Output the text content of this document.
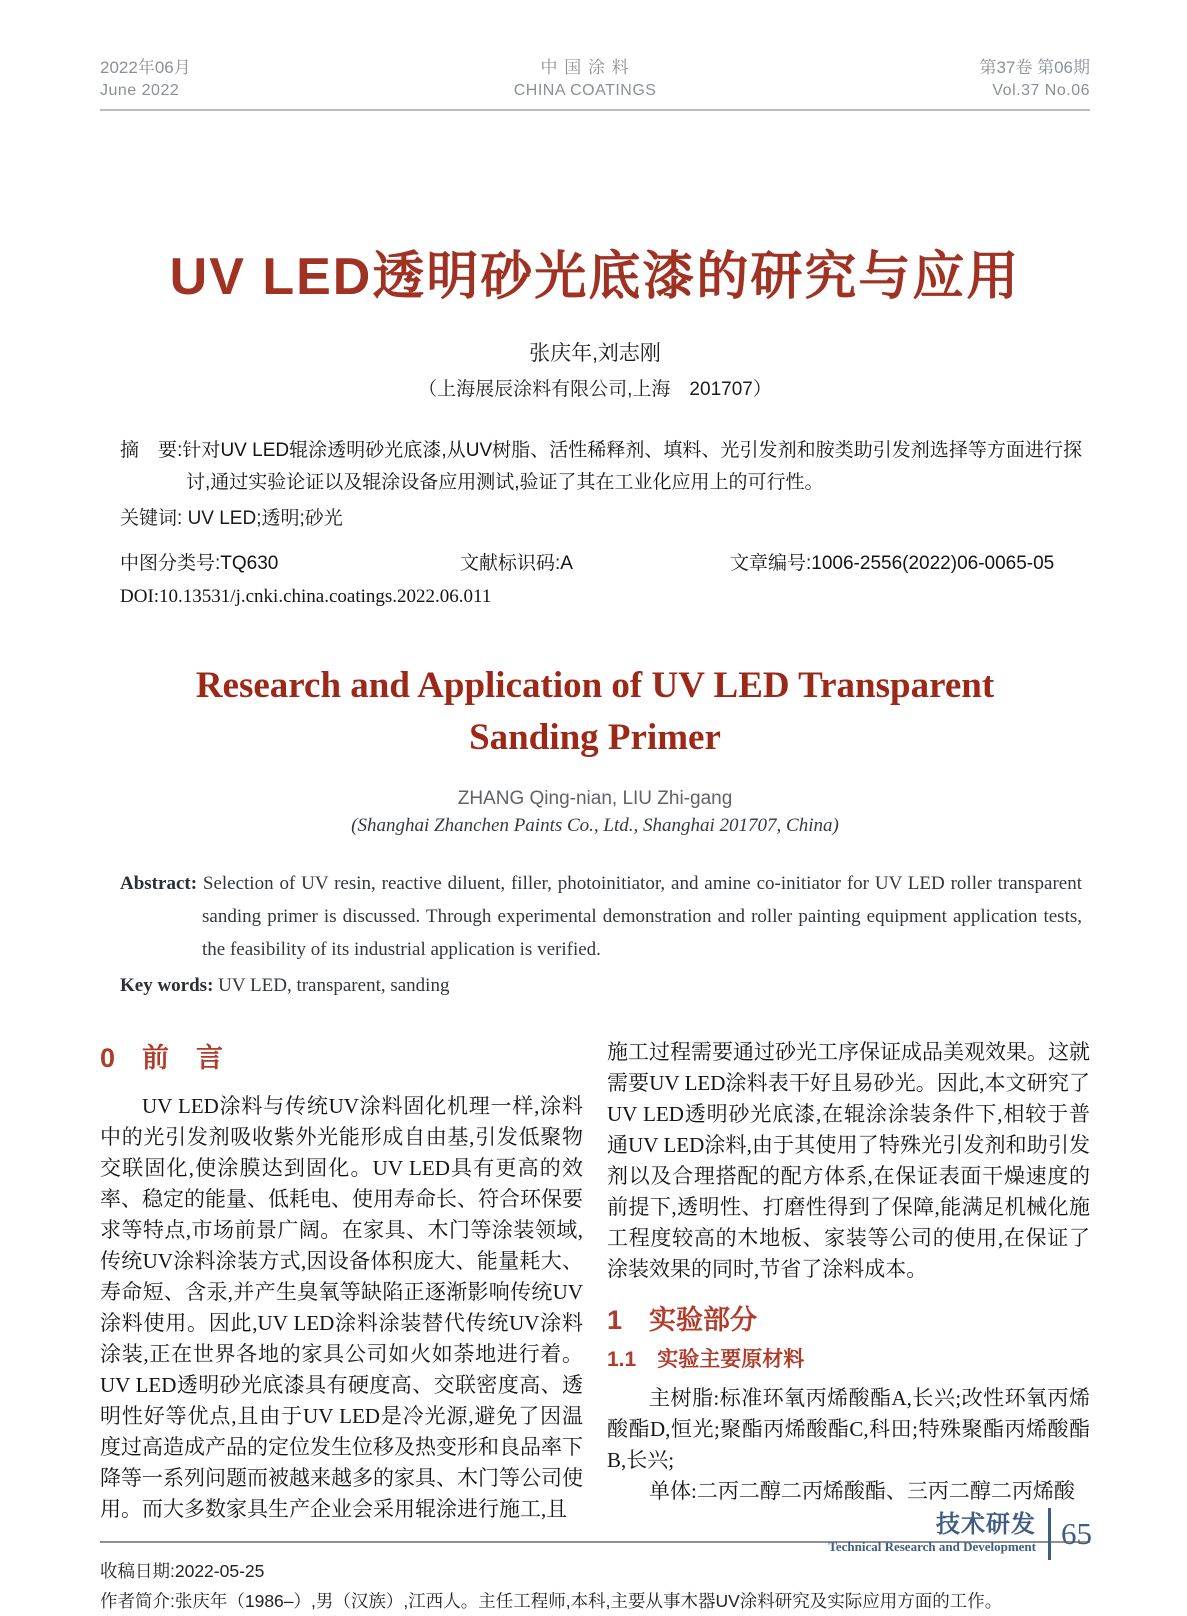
2022年06月
June 2022
中 国 涂 料
CHINA COATINGS
第37卷 第06期
Vol.37 No.06
UV LED透明砂光底漆的研究与应用
张庆年,刘志刚
（上海展辰涂料有限公司,上海　201707）
摘　要:针对UV LED辊涂透明砂光底漆,从UV树脂、活性稀释剂、填料、光引发剂和胺类助引发剂选择等方面进行探讨,通过实验论证以及辊涂设备应用测试,验证了其在工业化应用上的可行性。
关键词: UV LED;透明;砂光
中图分类号:TQ630	文献标识码:A	文章编号:1006-2556(2022)06-0065-05
DOI:10.13531/j.cnki.china.coatings.2022.06.011
Research and Application of UV LED Transparent Sanding Primer
ZHANG Qing-nian, LIU Zhi-gang
(Shanghai Zhanchen Paints Co., Ltd., Shanghai 201707, China)
Abstract: Selection of UV resin, reactive diluent, filler, photoinitiator, and amine co-initiator for UV LED roller transparent sanding primer is discussed. Through experimental demonstration and roller painting equipment application tests, the feasibility of its industrial application is verified.
Key words: UV LED, transparent, sanding
0　前　言

UV LED涂料与传统UV涂料固化机理一样,涂料中的光引发剂吸收紫外光能形成自由基,引发低聚物交联固化,使涂膜达到固化。UV LED具有更高的效率、稳定的能量、低耗电、使用寿命长、符合环保要求等特点,市场前景广阔。在家具、木门等涂装领域,传统UV涂料涂装方式,因设备体积庞大、能量耗大、寿命短、含汞,并产生臭氧等缺陷正逐渐影响传统UV涂料使用。因此,UV LED涂料涂装替代传统UV涂料涂装,正在世界各地的家具公司如火如荼地进行着。UV LED透明砂光底漆具有硬度高、交联密度高、透明性好等优点,且由于UV LED是冷光源,避免了因温度过高造成产品的定位发生位移及热变形和良品率下降等一系列问题而被越来越多的家具、木门等公司使用。而大多数家具生产企业会采用辊涂进行施工,且

施工过程需要通过砂光工序保证成品美观效果。这就需要UV LED涂料表干好且易砂光。因此,本文研究了UV LED透明砂光底漆,在辊涂涂装条件下,相较于普通UV LED涂料,由于其使用了特殊光引发剂和助引发剂以及合理搭配的配方体系,在保证表面干燥速度的前提下,透明性、打磨性得到了保障,能满足机械化施工程度较高的木地板、家装等公司的使用,在保证了涂装效果的同时,节省了涂料成本。

1　实验部分
1.1　实验主要原材料

主树脂:标准环氧丙烯酸酯A,长兴;改性环氧丙烯酸酯D,恒光;聚酯丙烯酸酯C,科田;特殊聚酯丙烯酸酯B,长兴;

单体:二丙二醇二丙烯酸酯、三丙二醇二丙烯酸

收稿日期:2022-05-25
作者简介:张庆年（1986–）,男（汉族）,江西人。主任工程师,本科,主要从事木器UV涂料研究及实际应用方面的工作。
技术研发
Technical Research and Development 65
